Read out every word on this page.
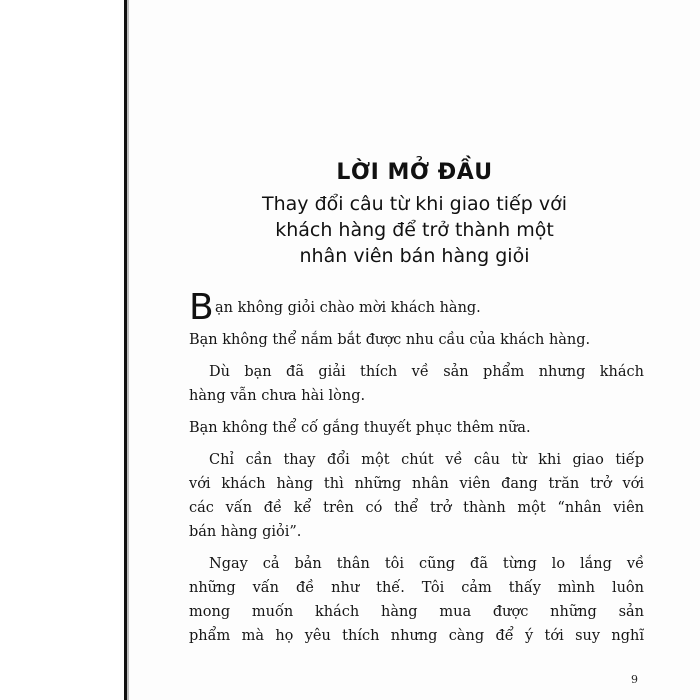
LỜI MỞ ĐẦU
Thay đổi câu từ khi giao tiếp với
khách hàng để trở thành một
nhân viên bán hàng giỏi

B ạn không giỏi chào mời khách hàng.

Bạn không thể nắm bắt được nhu cầu của khách hàng.

Dù bạn đã giải thích về sản phẩm nhưng khách
hàng vẫn chưa hài lòng.

Bạn không thể cố gắng thuyết phục thêm nữa.

Chỉ cần thay đổi một chút về câu từ khi giao tiếp
với khách hàng thì những nhân viên đang trăn trở với
các vấn đề kể trên có thể trở thành một “nhân viên
bán hàng giỏi”.

Ngay cả bản thân tôi cũng đã từng lo lắng về
những vấn đề như thế. Tôi cảm thấy mình luôn
mong muốn khách hàng mua được những sản
phẩm mà họ yêu thích nhưng càng để ý tới suy nghĩ

9
